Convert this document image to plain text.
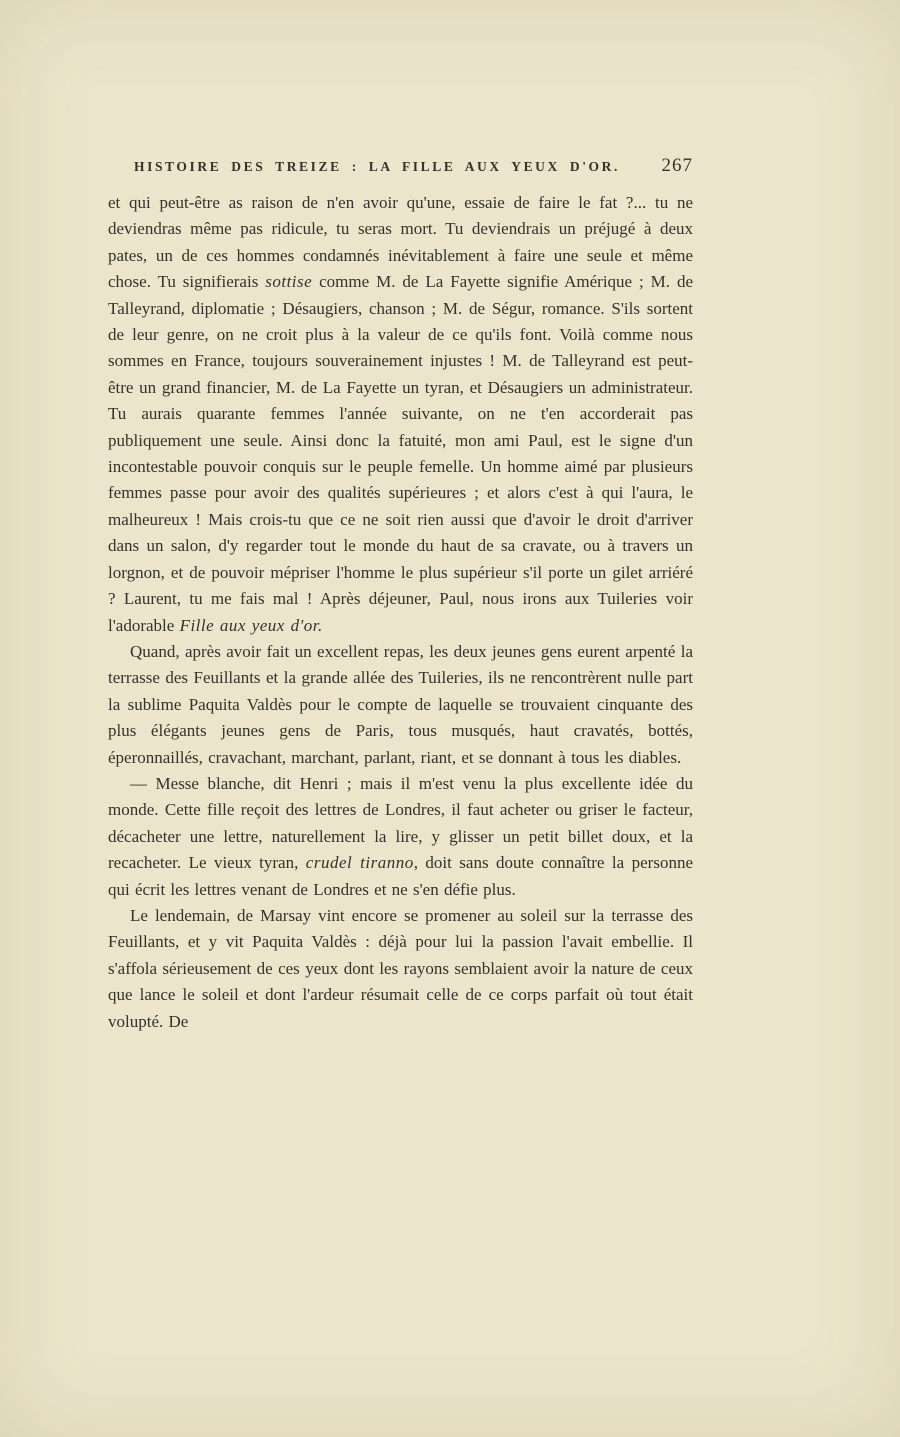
HISTOIRE DES TREIZE : LA FILLE AUX YEUX D'OR. 267

et qui peut-être as raison de n'en avoir qu'une, essaie de faire le fat ?... tu ne deviendras même pas ridicule, tu seras mort. Tu deviendrais un préjugé à deux pates, un de ces hommes condamnés inévitablement à faire une seule et même chose. Tu signifierais sottise comme M. de La Fayette signifie Amérique ; M. de Talleyrand, diplomatie ; Désaugiers, chanson ; M. de Ségur, romance. S'ils sortent de leur genre, on ne croit plus à la valeur de ce qu'ils font. Voilà comme nous sommes en France, toujours souverainement injustes ! M. de Talleyrand est peut-être un grand financier, M. de La Fayette un tyran, et Désaugiers un administrateur. Tu aurais quarante femmes l'année suivante, on ne t'en accorderait pas publiquement une seule. Ainsi donc la fatuité, mon ami Paul, est le signe d'un incontestable pouvoir conquis sur le peuple femelle. Un homme aimé par plusieurs femmes passe pour avoir des qualités supérieures ; et alors c'est à qui l'aura, le malheureux ! Mais crois-tu que ce ne soit rien aussi que d'avoir le droit d'arriver dans un salon, d'y regarder tout le monde du haut de sa cravate, ou à travers un lorgnon, et de pouvoir mépriser l'homme le plus supérieur s'il porte un gilet arriéré ? Laurent, tu me fais mal ! Après déjeuner, Paul, nous irons aux Tuileries voir l'adorable Fille aux yeux d'or.

Quand, après avoir fait un excellent repas, les deux jeunes gens eurent arpenté la terrasse des Feuillants et la grande allée des Tuileries, ils ne rencontrèrent nulle part la sublime Paquita Valdès pour le compte de laquelle se trouvaient cinquante des plus élégants jeunes gens de Paris, tous musqués, haut cravatés, bottés, éperonnaillés, cravachant, marchant, parlant, riant, et se donnant à tous les diables.

— Messe blanche, dit Henri ; mais il m'est venu la plus excellente idée du monde. Cette fille reçoit des lettres de Londres, il faut acheter ou griser le facteur, décacheter une lettre, naturellement la lire, y glisser un petit billet doux, et la recacheter. Le vieux tyran, crudel tiranno, doit sans doute connaître la personne qui écrit les lettres venant de Londres et ne s'en défie plus.

Le lendemain, de Marsay vint encore se promener au soleil sur la terrasse des Feuillants, et y vit Paquita Valdès : déjà pour lui la passion l'avait embellie. Il s'affola sérieusement de ces yeux dont les rayons semblaient avoir la nature de ceux que lance le soleil et dont l'ardeur résumait celle de ce corps parfait où tout était volupté. De
